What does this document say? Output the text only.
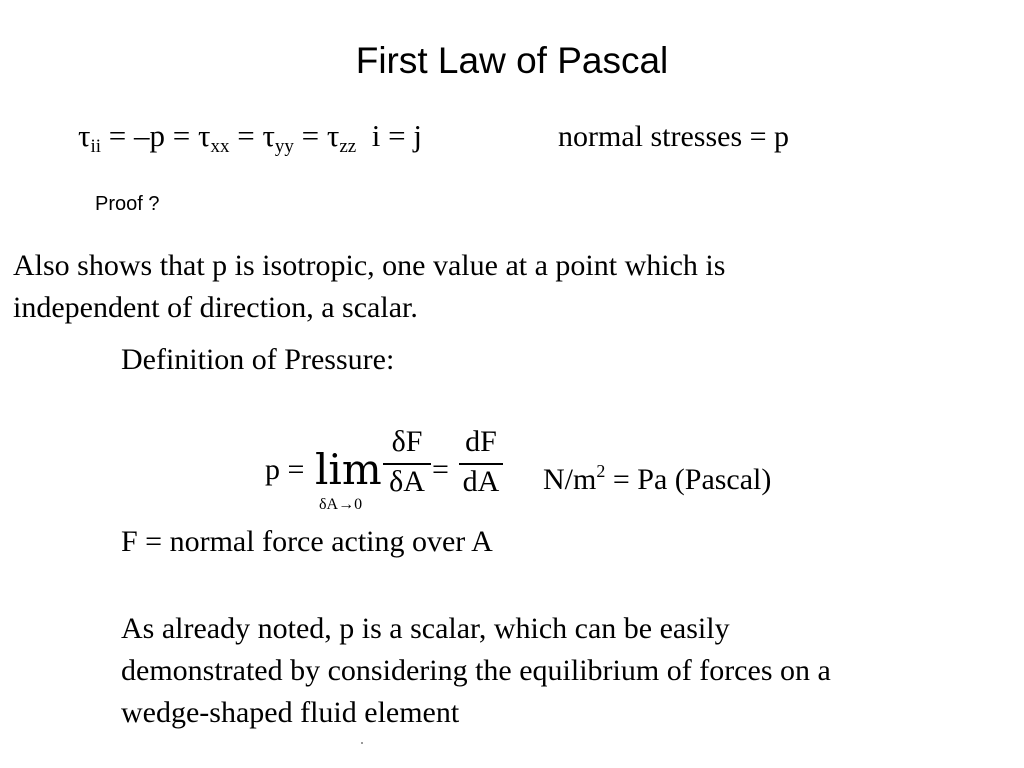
First Law of Pascal
$\tau_{ii} = -p = \tau_{xx} = \tau_{yy} = \tau_{zz}$ i = j	normal stresses = p
Proof ?
Also shows that p is isotropic, one value at a point which is
independent of direction, a scalar.
Definition of Pressure:
p = lim
δA→0
δF
δA =
dF
dA $N/m^2 = Pa$ (Pascal)
F = normal force acting over A
As already noted, p is a scalar, which can be easily
demonstrated by considering the equilibrium of forces on a
wedge-shaped fluid element
